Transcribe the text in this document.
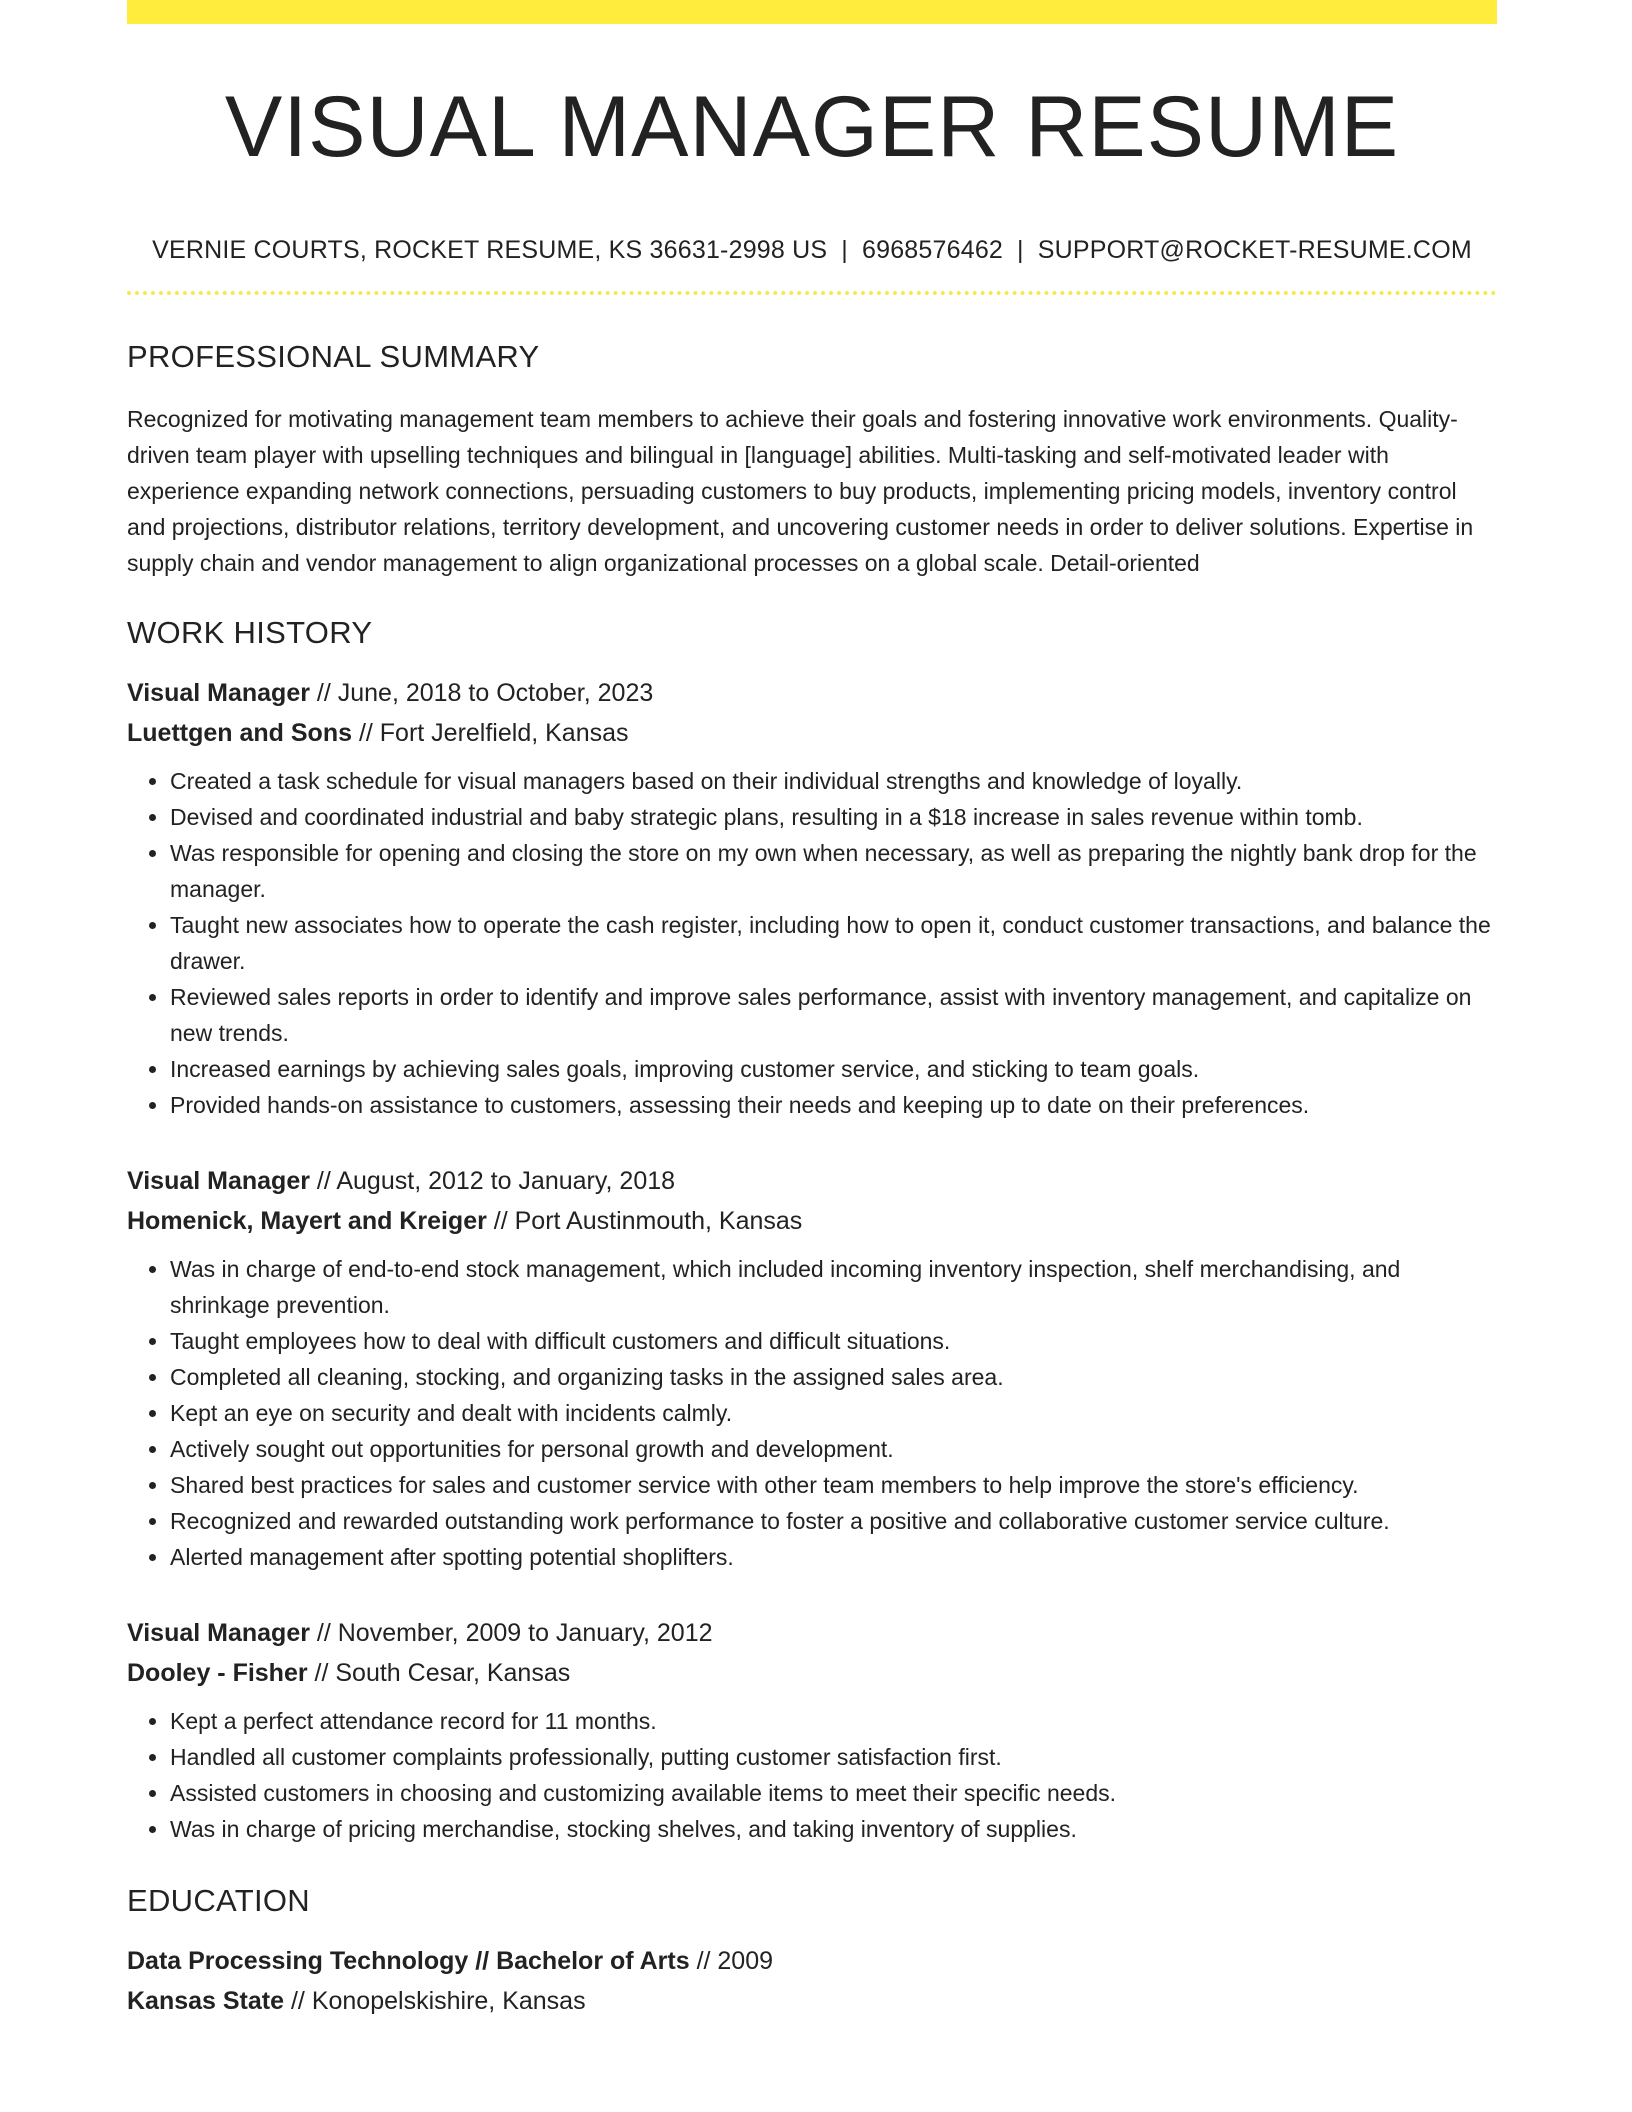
VISUAL MANAGER RESUME
VERNIE COURTS, ROCKET RESUME, KS 36631-2998 US | 6968576462 | SUPPORT@ROCKET-RESUME.COM
PROFESSIONAL SUMMARY

Recognized for motivating management team members to achieve their goals and fostering innovative work environments. Quality-driven team player with upselling techniques and bilingual in [language] abilities. Multi-tasking and self-motivated leader with experience expanding network connections, persuading customers to buy products, implementing pricing models, inventory control and projections, distributor relations, territory development, and uncovering customer needs in order to deliver solutions. Expertise in supply chain and vendor management to align organizational processes on a global scale. Detail-oriented

WORK HISTORY
Visual Manager // June, 2018 to October, 2023
Luettgen and Sons // Fort Jerelfield, Kansas
• Created a task schedule for visual managers based on their individual strengths and knowledge of loyally.
• Devised and coordinated industrial and baby strategic plans, resulting in a $18 increase in sales revenue within tomb.
• Was responsible for opening and closing the store on my own when necessary, as well as preparing the nightly bank drop for the manager.
• Taught new associates how to operate the cash register, including how to open it, conduct customer transactions, and balance the drawer.
• Reviewed sales reports in order to identify and improve sales performance, assist with inventory management, and capitalize on new trends.
• Increased earnings by achieving sales goals, improving customer service, and sticking to team goals.
• Provided hands-on assistance to customers, assessing their needs and keeping up to date on their preferences.
Visual Manager // August, 2012 to January, 2018
Homenick, Mayert and Kreiger // Port Austinmouth, Kansas
• Was in charge of end-to-end stock management, which included incoming inventory inspection, shelf merchandising, and shrinkage prevention.
• Taught employees how to deal with difficult customers and difficult situations.
• Completed all cleaning, stocking, and organizing tasks in the assigned sales area.
• Kept an eye on security and dealt with incidents calmly.
• Actively sought out opportunities for personal growth and development.
• Shared best practices for sales and customer service with other team members to help improve the store's efficiency.
• Recognized and rewarded outstanding work performance to foster a positive and collaborative customer service culture.
• Alerted management after spotting potential shoplifters.
Visual Manager // November, 2009 to January, 2012
Dooley - Fisher // South Cesar, Kansas
• Kept a perfect attendance record for 11 months.
• Handled all customer complaints professionally, putting customer satisfaction first.
• Assisted customers in choosing and customizing available items to meet their specific needs.
• Was in charge of pricing merchandise, stocking shelves, and taking inventory of supplies.
EDUCATION
Data Processing Technology // Bachelor of Arts // 2009
Kansas State // Konopelskishire, Kansas
